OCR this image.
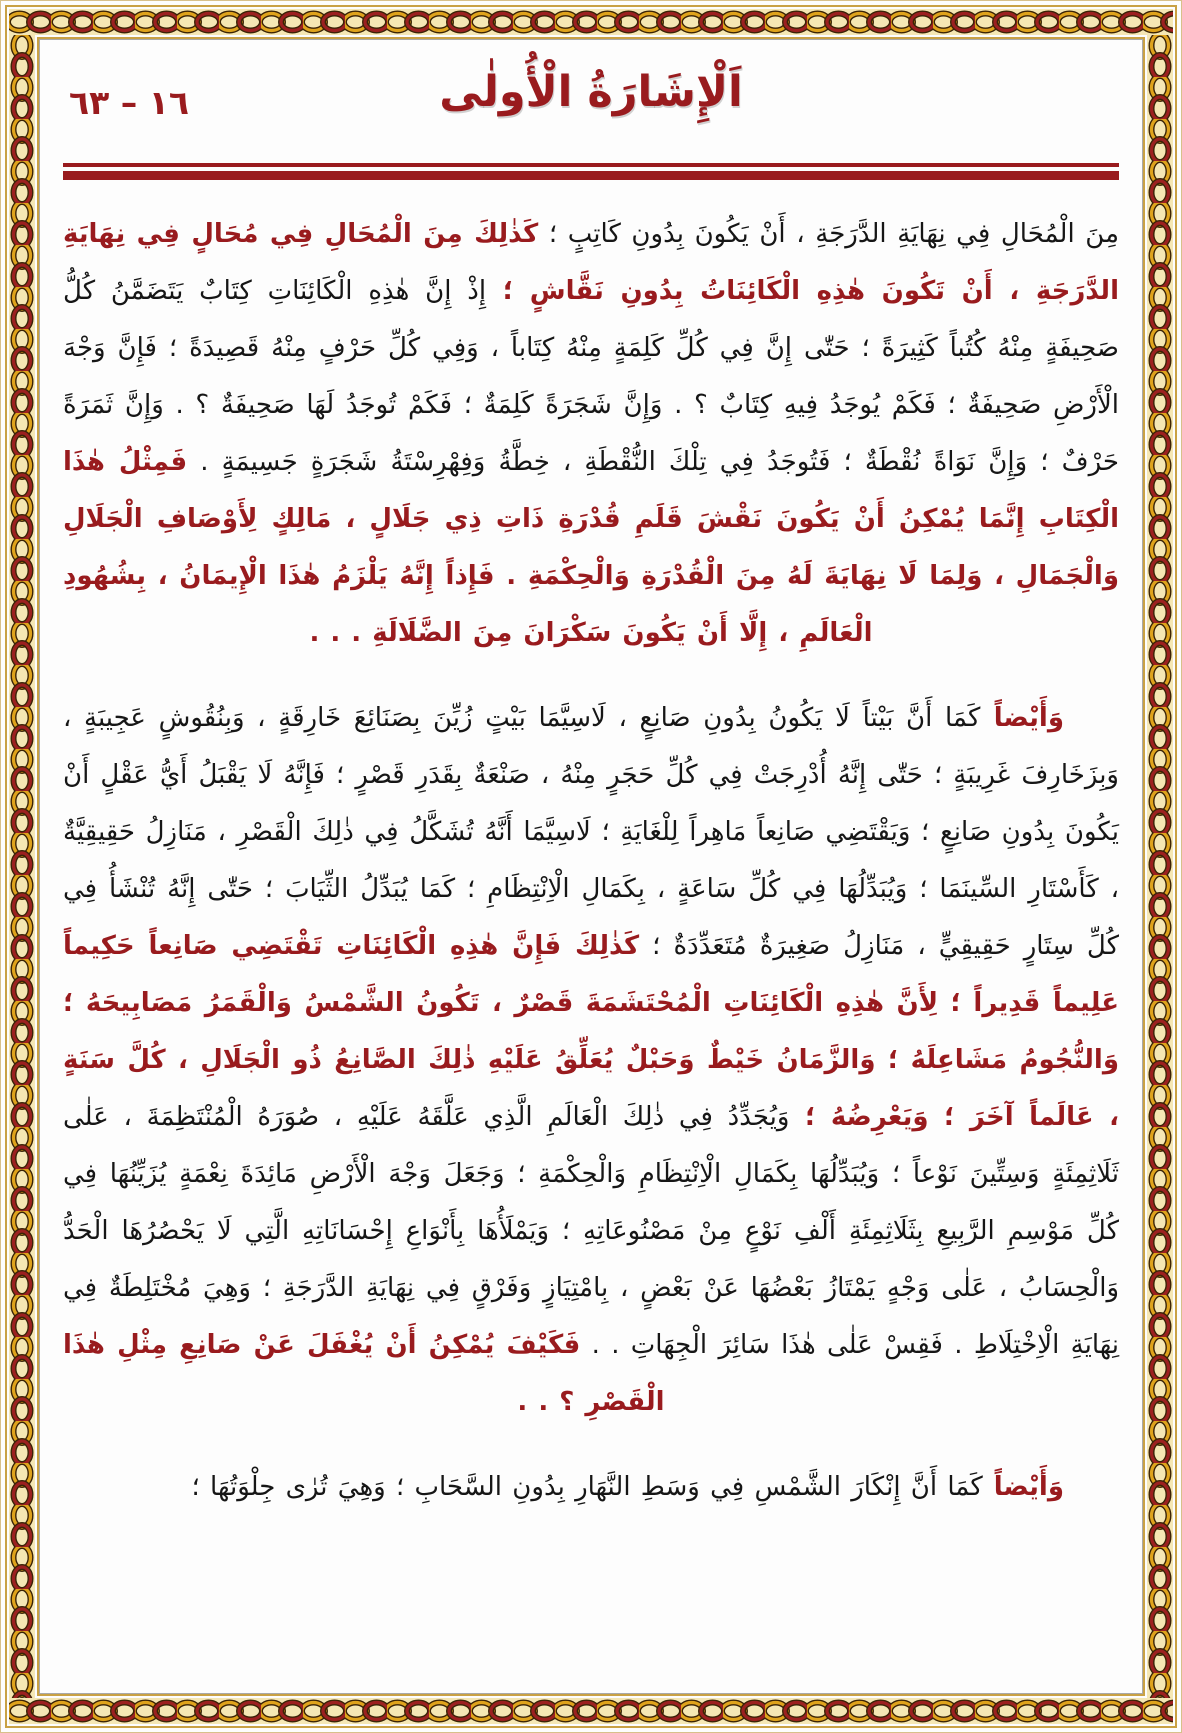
١٦ – ٦٣	اَلْإِشَارَةُ الْأُولٰى

مِنَ الْمُحَالِ فِي نِهَايَةِ الدَّرَجَةِ ، أَنْ يَكُونَ بِدُونِ كَاتِبٍ ؛ كَذٰلِكَ مِنَ الْمُحَالِ فِي مُحَالٍ فِي نِهَايَةِ الدَّرَجَةِ ، أَنْ تَكُونَ هٰذِهِ الْكَائِنَاتُ بِدُونِ نَقَّاشٍ ؛ إِذْ إِنَّ هٰذِهِ الْكَائِنَاتِ كِتَابٌ يَتَضَمَّنُ كُلُّ صَحِيفَةٍ مِنْهُ كُتُباً كَثِيرَةً ؛ حَتّٰى إِنَّ فِي كُلِّ كَلِمَةٍ مِنْهُ كِتَاباً ، وَفِي كُلِّ حَرْفٍ مِنْهُ قَصِيدَةً ؛ فَإِنَّ وَجْهَ الْأَرْضِ صَحِيفَةٌ ؛ فَكَمْ يُوجَدُ فِيهِ كِتَابٌ ؟ . وَإِنَّ شَجَرَةً كَلِمَةٌ ؛ فَكَمْ تُوجَدُ لَهَا صَحِيفَةٌ ؟ . وَإِنَّ ثَمَرَةً حَرْفٌ ؛ وَإِنَّ نَوَاةً نُقْطَةٌ ؛ فَتُوجَدُ فِي تِلْكَ النُّقْطَةِ ، خِطَّةُ وَفِهْرِسْتَةُ شَجَرَةٍ جَسِيمَةٍ . فَمِثْلُ هٰذَا الْكِتَابِ إِنَّمَا يُمْكِنُ أَنْ يَكُونَ نَقْشَ قَلَمِ قُدْرَةِ ذَاتِ ذِي جَلَالٍ ، مَالِكٍ لِأَوْصَافِ الْجَلَالِ وَالْجَمَالِ ، وَلِمَا لَا نِهَايَةَ لَهُ مِنَ الْقُدْرَةِ وَالْحِكْمَةِ . فَإِذاً إِنَّهُ يَلْزَمُ هٰذَا الْإِيمَانُ ، بِشُهُودِ الْعَالَمِ ، إِلَّا أَنْ يَكُونَ سَكْرَانَ مِنَ الضَّلَالَةِ . . .

وَأَيْضاً كَمَا أَنَّ بَيْتاً لَا يَكُونُ بِدُونِ صَانِعٍ ، لَاسِيَّمَا بَيْتٍ زُيِّنَ بِصَنَائِعَ خَارِقَةٍ ، وَبِنُقُوشٍ عَجِيبَةٍ ، وَبِزَخَارِفَ غَرِيبَةٍ ؛ حَتّٰى إِنَّهُ أُدْرِجَتْ فِي كُلِّ حَجَرٍ مِنْهُ ، صَنْعَةٌ بِقَدَرِ قَصْرٍ ؛ فَإِنَّهُ لَا يَقْبَلُ أَيُّ عَقْلٍ أَنْ يَكُونَ بِدُونِ صَانِعٍ ؛ وَيَقْتَضِي صَانِعاً مَاهِراً لِلْغَايَةِ ؛ لَاسِيَّمَا أَنَّهُ تُشَكَّلُ فِي ذٰلِكَ الْقَصْرِ ، مَنَازِلُ حَقِيقِيَّةٌ ، كَأَسْتَارِ السِّينَمَا ؛ وَيُبَدِّلُهَا فِي كُلِّ سَاعَةٍ ، بِكَمَالِ الْاِنْتِظَامِ ؛ كَمَا يُبَدِّلُ الثِّيَابَ ؛ حَتّٰى إِنَّهُ تُنْشَأُ فِي كُلِّ سِتَارٍ حَقِيقِيٍّ ، مَنَازِلُ صَغِيرَةٌ مُتَعَدِّدَةٌ ؛ كَذٰلِكَ فَإِنَّ هٰذِهِ الْكَائِنَاتِ تَقْتَضِي صَانِعاً حَكِيماً عَلِيماً قَدِيراً ؛ لِأَنَّ هٰذِهِ الْكَائِنَاتِ الْمُحْتَشَمَةَ قَصْرٌ ، تَكُونُ الشَّمْسُ وَالْقَمَرُ مَصَابِيحَهُ ؛ وَالنُّجُومُ مَشَاعِلَهُ ؛ وَالزَّمَانُ خَيْطٌ وَحَبْلٌ يُعَلِّقُ عَلَيْهِ ذٰلِكَ الصَّانِعُ ذُو الْجَلَالِ ، كُلَّ سَنَةٍ ، عَالَماً آخَرَ ؛ وَيَعْرِضُهُ ؛ وَيُجَدِّدُ فِي ذٰلِكَ الْعَالَمِ الَّذِي عَلَّقَهُ عَلَيْهِ ، صُوَرَهُ الْمُنْتَظِمَةَ ، عَلٰى ثَلَاثِمِئَةٍ وَسِتِّينَ نَوْعاً ؛ وَيُبَدِّلُهَا بِكَمَالِ الْاِنْتِظَامِ وَالْحِكْمَةِ ؛ وَجَعَلَ وَجْهَ الْأَرْضِ مَائِدَةَ نِعْمَةٍ يُزَيِّنُهَا فِي كُلِّ مَوْسِمِ الرَّبِيعِ بِثَلَاثِمِئَةِ أَلْفِ نَوْعٍ مِنْ مَصْنُوعَاتِهِ ؛ وَيَمْلَأُهَا بِأَنْوَاعِ إِحْسَانَاتِهِ الَّتِي لَا يَحْصُرُهَا الْحَدُّ وَالْحِسَابُ ، عَلٰى وَجْهٍ يَمْتَازُ بَعْضُهَا عَنْ بَعْضٍ ، بِامْتِيَازٍ وَفَرْقٍ فِي نِهَايَةِ الدَّرَجَةِ ؛ وَهِيَ مُخْتَلِطَةٌ فِي نِهَايَةِ الْاِخْتِلَاطِ . فَقِسْ عَلٰى هٰذَا سَائِرَ الْجِهَاتِ . . فَكَيْفَ يُمْكِنُ أَنْ يُغْفَلَ عَنْ صَانِعِ مِثْلِ هٰذَا الْقَصْرِ ؟ . .

وَأَيْضاً كَمَا أَنَّ إِنْكَارَ الشَّمْسِ فِي وَسَطِ النَّهَارِ بِدُونِ السَّحَابِ ؛ وَهِيَ تُرٰى جِلْوَتُهَا ؛
